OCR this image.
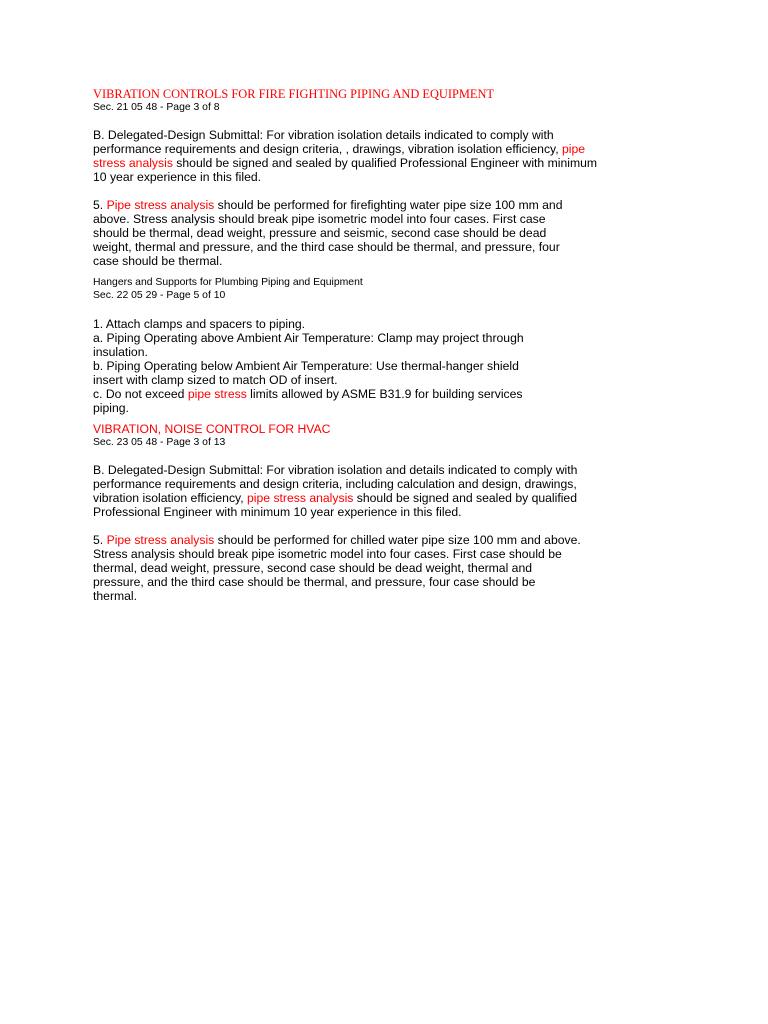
VIBRATION CONTROLS FOR FIRE FIGHTING PIPING AND EQUIPMENT

Sec. 21 05 48 - Page 3 of 8

B. Delegated-Design Submittal: For vibration isolation details indicated to comply with
performance requirements and design criteria, , drawings, vibration isolation efficiency, pipe
stress analysis should be signed and sealed by qualified Professional Engineer with minimum
10 year experience in this filed.

5. Pipe stress analysis should be performed for firefighting water pipe size 100 mm and
above. Stress analysis should break pipe isometric model into four cases. First case
should be thermal, dead weight, pressure and seismic, second case should be dead
weight, thermal and pressure, and the third case should be thermal, and pressure, four
case should be thermal.

Hangers and Supports for Plumbing Piping and Equipment

Sec. 22 05 29 - Page 5 of 10

1. Attach clamps and spacers to piping.
a. Piping Operating above Ambient Air Temperature: Clamp may project through
insulation.
b. Piping Operating below Ambient Air Temperature: Use thermal-hanger shield
insert with clamp sized to match OD of insert.
c. Do not exceed pipe stress limits allowed by ASME B31.9 for building services
piping.

VIBRATION, NOISE CONTROL FOR HVAC

Sec. 23 05 48 - Page 3 of 13

B. Delegated-Design Submittal: For vibration isolation and details indicated to comply with
performance requirements and design criteria, including calculation and design, drawings,
vibration isolation efficiency, pipe stress analysis should be signed and sealed by qualified
Professional Engineer with minimum 10 year experience in this filed.

5. Pipe stress analysis should be performed for chilled water pipe size 100 mm and above.
Stress analysis should break pipe isometric model into four cases. First case should be
thermal, dead weight, pressure, second case should be dead weight, thermal and
pressure, and the third case should be thermal, and pressure, four case should be
thermal.
